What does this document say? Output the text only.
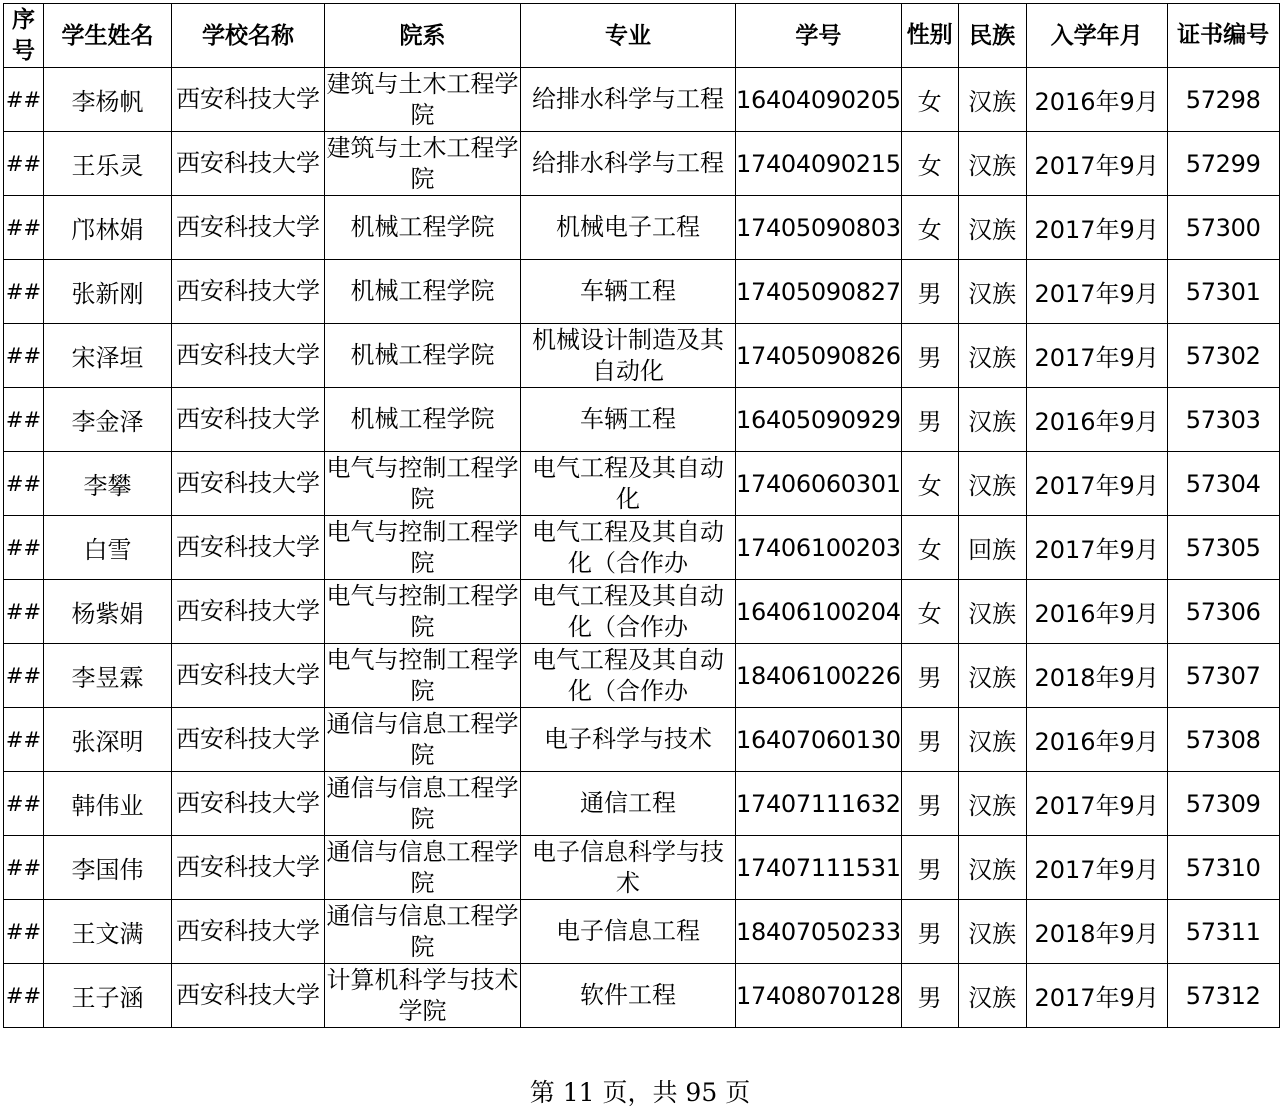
序号	学生姓名	学校名称	院系	专业	学号	性别	民族	入学年月	证书编号
##	李杨帆	西安科技大学	建筑与土木工程学院	给排水科学与工程	16404090205	女	汉族	2016年9月	57298
##	王乐灵	西安科技大学	建筑与土木工程学院	给排水科学与工程	17404090215	女	汉族	2017年9月	57299
##	邝林娟	西安科技大学	机械工程学院	机械电子工程	17405090803	女	汉族	2017年9月	57300
##	张新刚	西安科技大学	机械工程学院	车辆工程	17405090827	男	汉族	2017年9月	57301
##	宋泽垣	西安科技大学	机械工程学院	机械设计制造及其自动化	17405090826	男	汉族	2017年9月	57302
##	李金泽	西安科技大学	机械工程学院	车辆工程	16405090929	男	汉族	2016年9月	57303
##	李攀	西安科技大学	电气与控制工程学院	电气工程及其自动化	17406060301	女	汉族	2017年9月	57304
##	白雪	西安科技大学	电气与控制工程学院	电气工程及其自动化（合作办	17406100203	女	回族	2017年9月	57305
##	杨紫娟	西安科技大学	电气与控制工程学院	电气工程及其自动化（合作办	16406100204	女	汉族	2016年9月	57306
##	李昱霖	西安科技大学	电气与控制工程学院	电气工程及其自动化（合作办	18406100226	男	汉族	2018年9月	57307
##	张深明	西安科技大学	通信与信息工程学院	电子科学与技术	16407060130	男	汉族	2016年9月	57308
##	韩伟业	西安科技大学	通信与信息工程学院	通信工程	17407111632	男	汉族	2017年9月	57309
##	李国伟	西安科技大学	通信与信息工程学院	电子信息科学与技术	17407111531	男	汉族	2017年9月	57310
##	王文满	西安科技大学	通信与信息工程学院	电子信息工程	18407050233	男	汉族	2018年9月	57311
##	王子涵	西安科技大学	计算机科学与技术学院	软件工程	17408070128	男	汉族	2017年9月	57312
第 11 页，共 95 页
